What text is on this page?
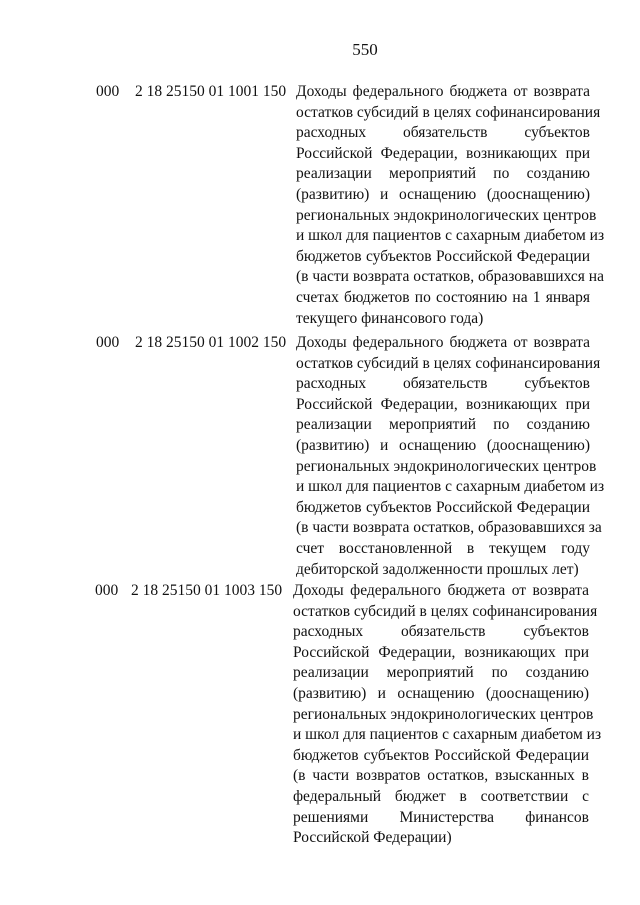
550
000 2 18 25150 01 1001 150 Доходы федерального бюджета от возврата
остатков субсидий в целях софинансирования
расходных обязательств субъектов
Российской Федерации, возникающих при
реализации мероприятий по созданию
(развитию) и оснащению (дооснащению)
региональных эндокринологических центров
и школ для пациентов с сахарным диабетом из
бюджетов субъектов Российской Федерации
(в части возврата остатков, образовавшихся на
счетах бюджетов по состоянию на 1 января
текущего финансового года)
000 2 18 25150 01 1002 150 Доходы федерального бюджета от возврата
остатков субсидий в целях софинансирования
расходных обязательств субъектов
Российской Федерации, возникающих при
реализации мероприятий по созданию
(развитию) и оснащению (дооснащению)
региональных эндокринологических центров
и школ для пациентов с сахарным диабетом из
бюджетов субъектов Российской Федерации
(в части возврата остатков, образовавшихся за
счет восстановленной в текущем году
дебиторской задолженности прошлых лет)
000 2 18 25150 01 1003 150 Доходы федерального бюджета от возврата
остатков субсидий в целях софинансирования
расходных обязательств субъектов
Российской Федерации, возникающих при
реализации мероприятий по созданию
(развитию) и оснащению (дооснащению)
региональных эндокринологических центров
и школ для пациентов с сахарным диабетом из
бюджетов субъектов Российской Федерации
(в части возвратов остатков, взысканных в
федеральный бюджет в соответствии с
решениями Министерства финансов
Российской Федерации)
